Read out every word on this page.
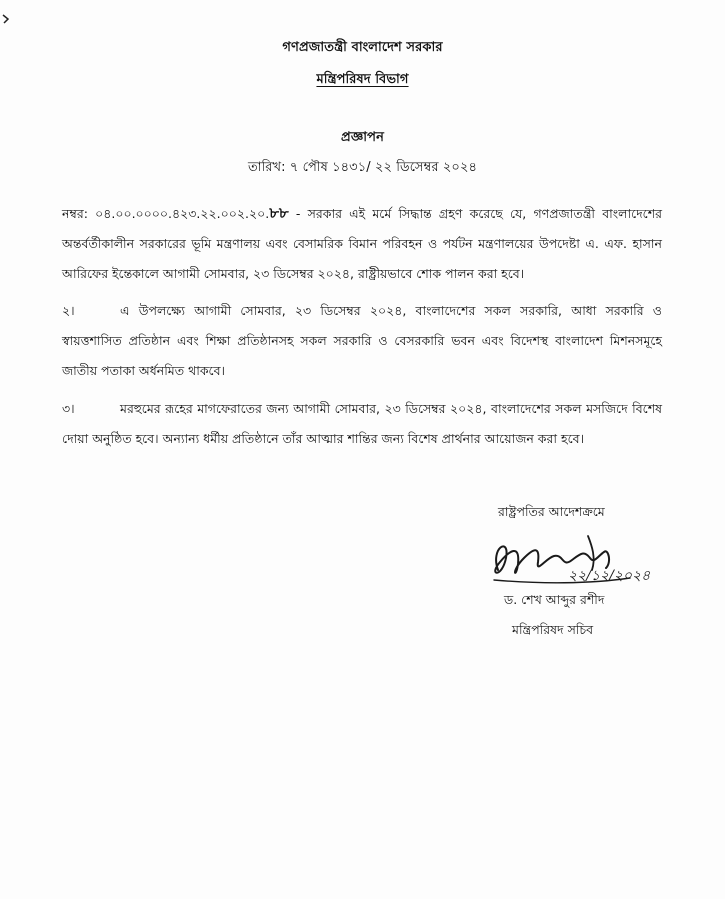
গণপ্রজাতন্ত্রী বাংলাদেশ সরকার
মন্ত্রিপরিষদ বিভাগ
প্রজ্ঞাপন
তারিখ: ৭ পৌষ ১৪৩১/ ২২ ডিসেম্বর ২০২৪
নম্বর: ০৪.০০.০০০০.৪২৩.২২.০০২.২০.৮৮ - সরকার এই মর্মে সিদ্ধান্ত গ্রহণ করেছে যে, গণপ্রজাতন্ত্রী বাংলাদেশের অন্তর্বর্তীকালীন সরকারের ভূমি মন্ত্রণালয় এবং বেসামরিক বিমান পরিবহন ও পর্যটন মন্ত্রণালয়ের উপদেষ্টা এ. এফ. হাসান আরিফের ইন্তেকালে আগামী সোমবার, ২৩ ডিসেম্বর ২০২৪, রাষ্ট্রীয়ভাবে শোক পালন করা হবে।
২।	এ উপলক্ষ্যে আগামী সোমবার, ২৩ ডিসেম্বর ২০২৪, বাংলাদেশের সকল সরকারি, আধা সরকারি ও স্বায়ত্তশাসিত প্রতিষ্ঠান এবং শিক্ষা প্রতিষ্ঠানসহ সকল সরকারি ও বেসরকারি ভবন এবং বিদেশস্থ বাংলাদেশ মিশনসমূহে জাতীয় পতাকা অর্ধনমিত থাকবে।
৩।	মরহুমের রূহের মাগফেরাতের জন্য আগামী সোমবার, ২৩ ডিসেম্বর ২০২৪, বাংলাদেশের সকল মসজিদে বিশেষ দোয়া অনুষ্ঠিত হবে। অন্যান্য ধর্মীয় প্রতিষ্ঠানে তাঁর আত্মার শান্তির জন্য বিশেষ প্রার্থনার আয়োজন করা হবে।
রাষ্ট্রপতির আদেশক্রমে
২২/১২/২০২৪
ড. শেখ আব্দুর রশীদ
মন্ত্রিপরিষদ সচিব
